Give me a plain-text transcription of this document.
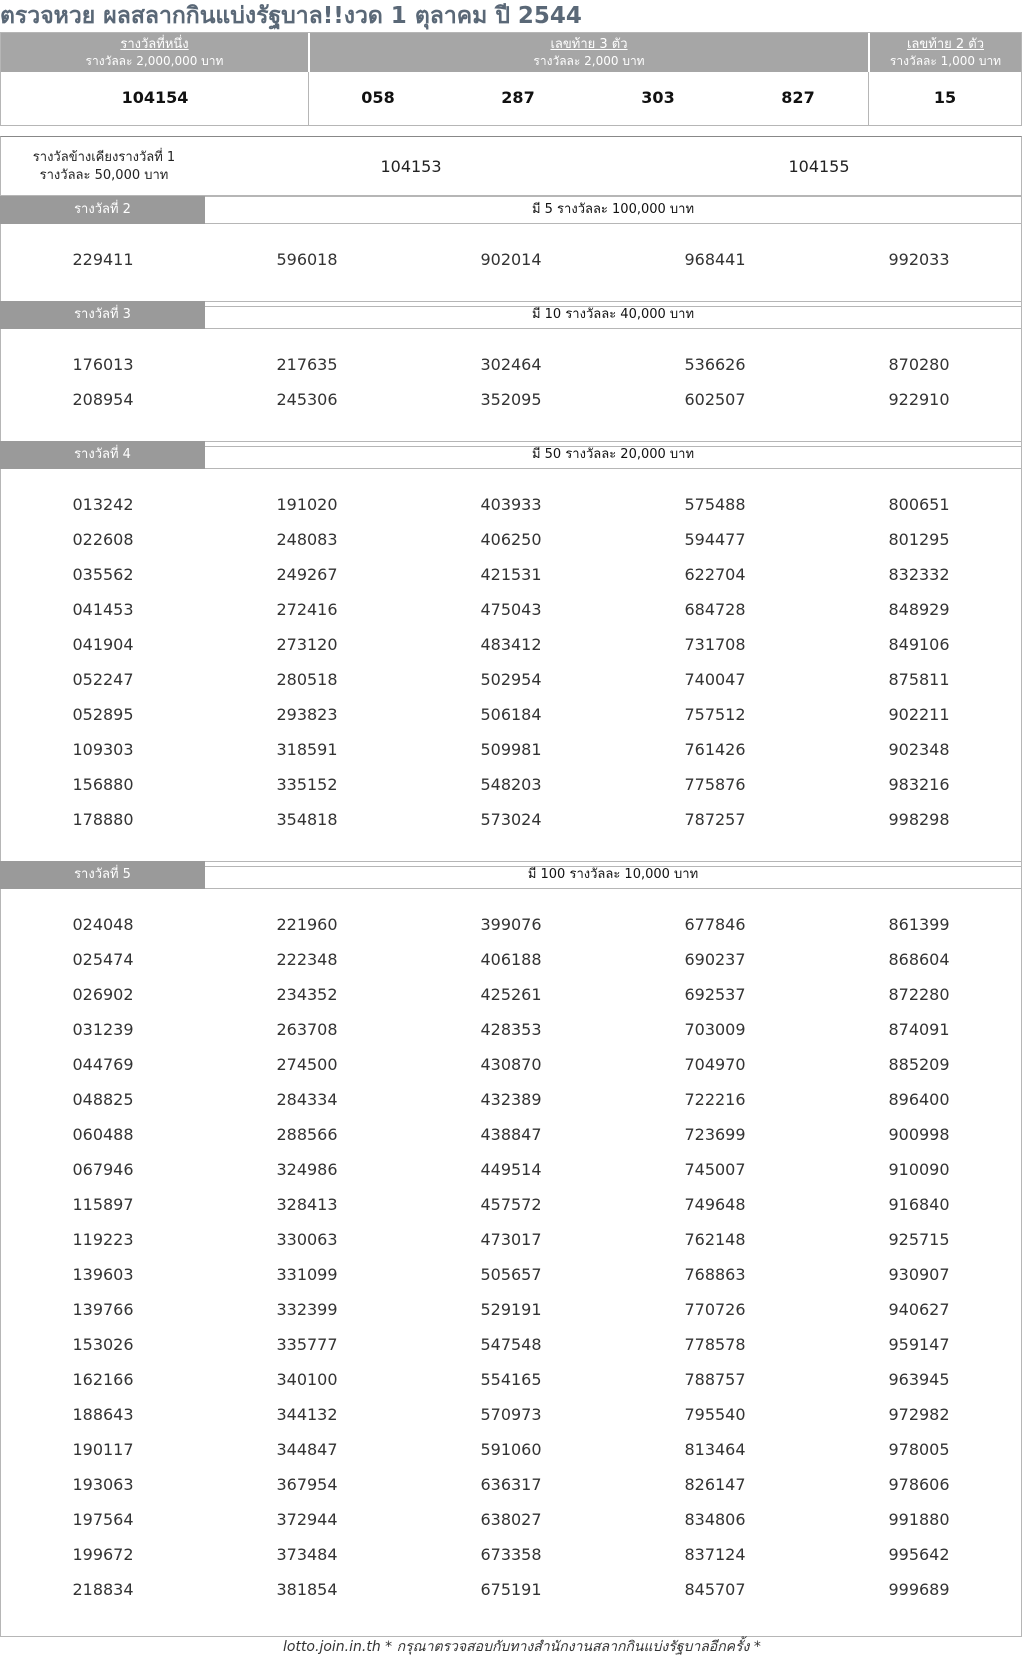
ตรวจหวย ผลสลากกินแบ่งรัฐบาล!!งวด 1 ตุลาคม ปี 2544
รางวัลที่หนึ่ง
รางวัลละ 2,000,000 บาท
เลขท้าย 3 ตัว
รางวัลละ 2,000 บาท
เลขท้าย 2 ตัว
รางวัลละ 1,000 บาท
104154	058	287	303	827	15
รางวัลข้างเคียงรางวัลที่ 1
รางวัลละ 50,000 บาท	104153	104155
รางวัลที่ 2	มี 5 รางวัลละ 100,000 บาท
229411	596018	902014	968441	992033
รางวัลที่ 3	มี 10 รางวัลละ 40,000 บาท
176013	217635	302464	536626	870280
208954	245306	352095	602507	922910
รางวัลที่ 4	มี 50 รางวัลละ 20,000 บาท
013242	191020	403933	575488	800651
022608	248083	406250	594477	801295
035562	249267	421531	622704	832332
041453	272416	475043	684728	848929
041904	273120	483412	731708	849106
052247	280518	502954	740047	875811
052895	293823	506184	757512	902211
109303	318591	509981	761426	902348
156880	335152	548203	775876	983216
178880	354818	573024	787257	998298
รางวัลที่ 5	มี 100 รางวัลละ 10,000 บาท
024048	221960	399076	677846	861399
025474	222348	406188	690237	868604
026902	234352	425261	692537	872280
031239	263708	428353	703009	874091
044769	274500	430870	704970	885209
048825	284334	432389	722216	896400
060488	288566	438847	723699	900998
067946	324986	449514	745007	910090
115897	328413	457572	749648	916840
119223	330063	473017	762148	925715
139603	331099	505657	768863	930907
139766	332399	529191	770726	940627
153026	335777	547548	778578	959147
162166	340100	554165	788757	963945
188643	344132	570973	795540	972982
190117	344847	591060	813464	978005
193063	367954	636317	826147	978606
197564	372944	638027	834806	991880
199672	373484	673358	837124	995642
218834	381854	675191	845707	999689
lotto.join.in.th * กรุณาตรวจสอบกับทางสำนักงานสลากกินแบ่งรัฐบาลอีกครั้ง *
